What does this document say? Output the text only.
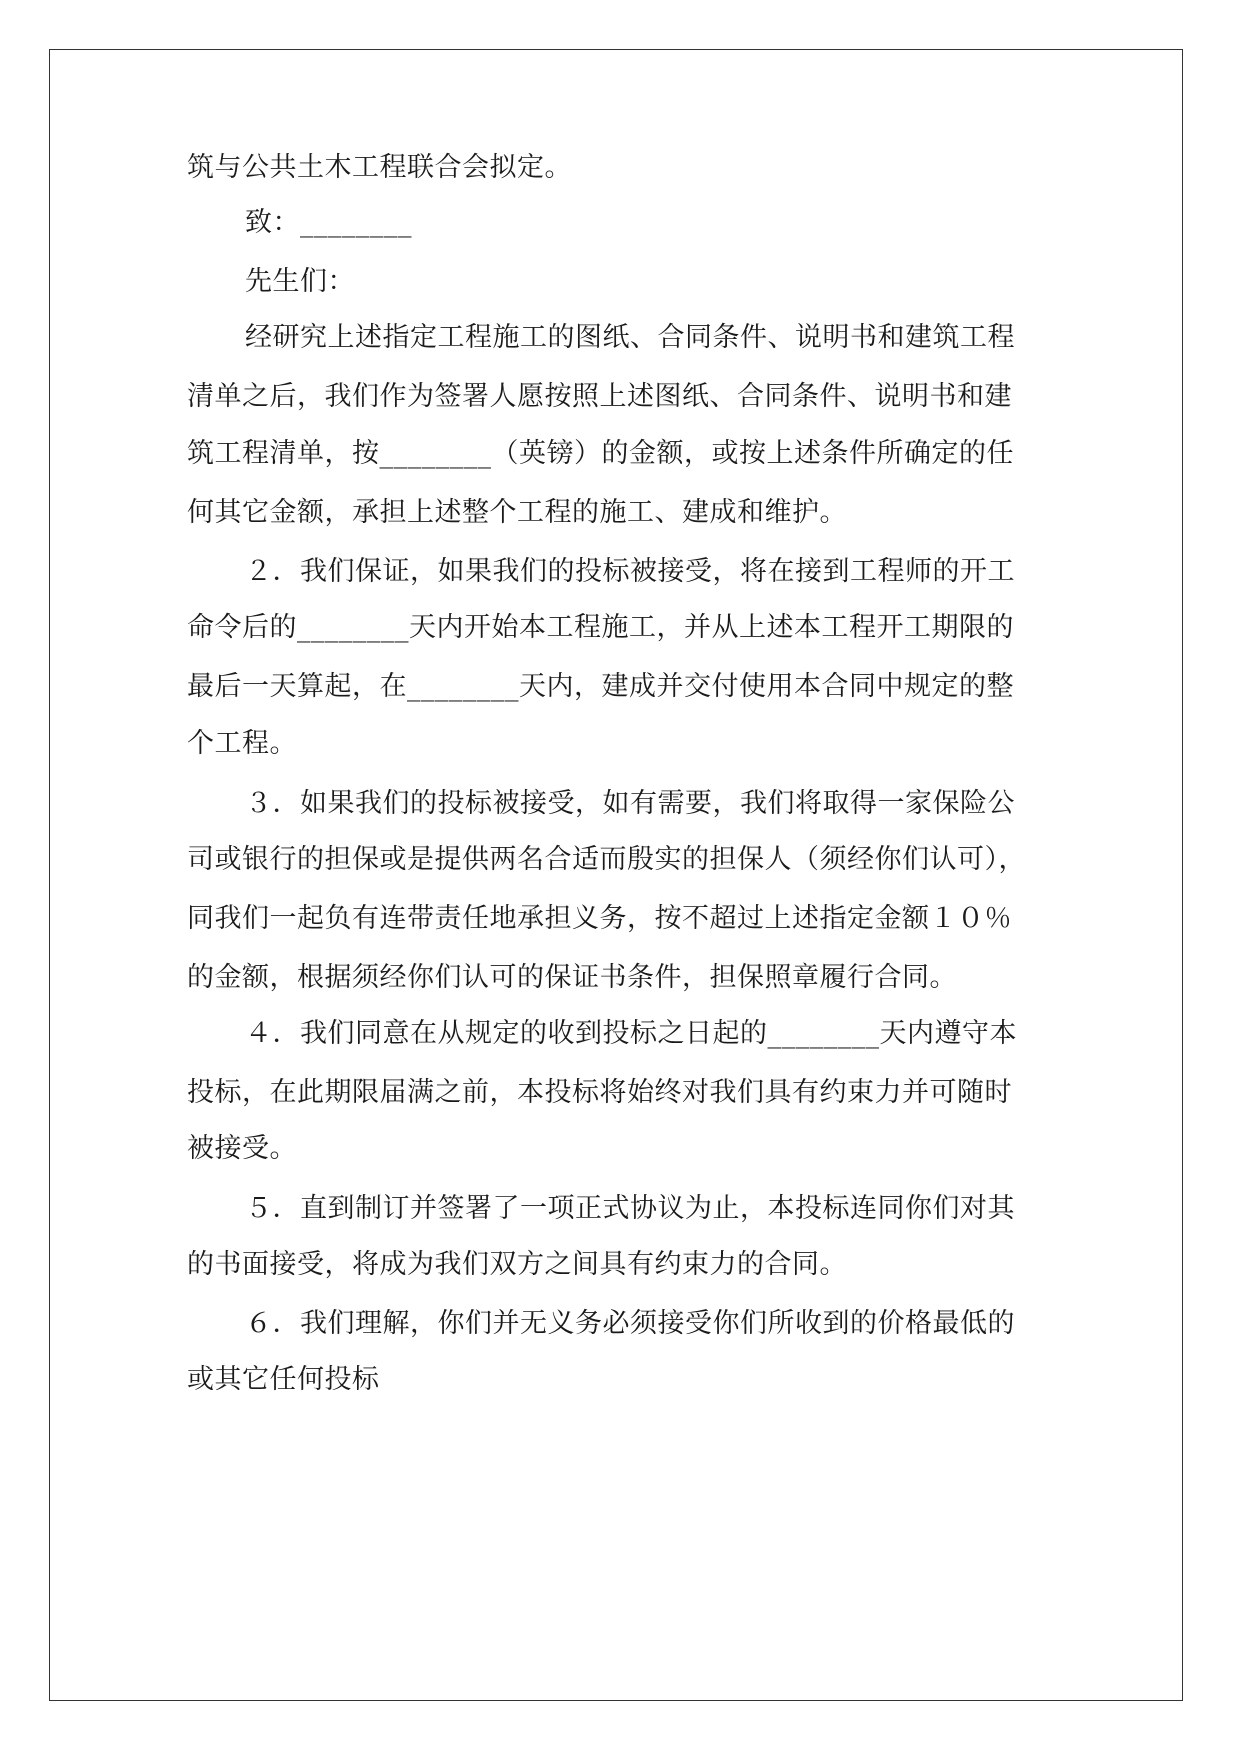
筑与公共土木工程联合会拟定。
致：________
先生们：
经研究上述指定工程施工的图纸、合同条件、说明书和建筑工程
清单之后，我们作为签署人愿按照上述图纸、合同条件、说明书和建
筑工程清单，按________（英镑）的金额，或按上述条件所确定的任
何其它金额，承担上述整个工程的施工、建成和维护。
２．我们保证，如果我们的投标被接受，将在接到工程师的开工
命令后的________天内开始本工程施工，并从上述本工程开工期限的
最后一天算起，在________天内，建成并交付使用本合同中规定的整
个工程。
３．如果我们的投标被接受，如有需要，我们将取得一家保险公
司或银行的担保或是提供两名合适而殷实的担保人（须经你们认可），
同我们一起负有连带责任地承担义务，按不超过上述指定金额１０％
的金额，根据须经你们认可的保证书条件，担保照章履行合同。
４．我们同意在从规定的收到投标之日起的________天内遵守本
投标，在此期限届满之前，本投标将始终对我们具有约束力并可随时
被接受。
５．直到制订并签署了一项正式协议为止，本投标连同你们对其
的书面接受，将成为我们双方之间具有约束力的合同。
６．我们理解，你们并无义务必须接受你们所收到的价格最低的
或其它任何投标
